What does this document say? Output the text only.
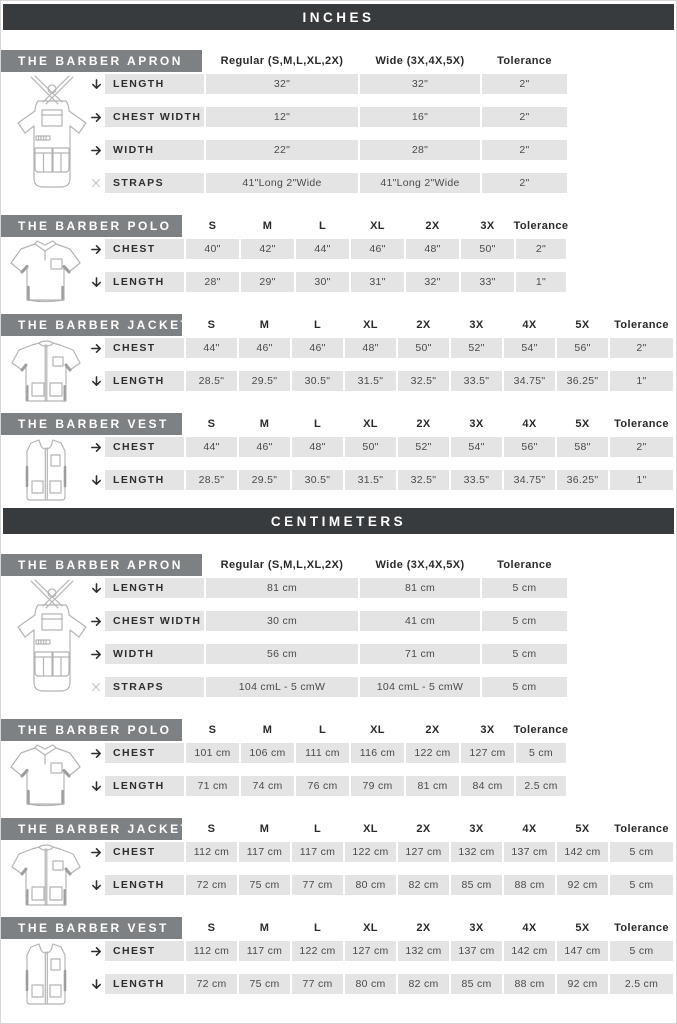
INCHES
THE BARBER APRON	Regular (S,M,L,XL,2X)	Wide (3X,4X,5X)	Tolerance
LENGTH	32"	32"	2"
CHEST WIDTH	12"	16"	2"
WIDTH	22"	28"	2"
STRAPS	41"Long 2"Wide	41"Long 2"Wide	2"
THE BARBER POLO	S	M	L	XL	2X	3X	Tolerance
CHEST	40"	42"	44"	46"	48"	50"	2"
LENGTH	28"	29"	30"	31"	32"	33"	1"
THE BARBER JACKET	S	M	L	XL	2X	3X	4X	5X	Tolerance
CHEST	44"	46"	46"	48"	50"	52"	54"	56"	2"
LENGTH	28.5"	29.5"	30.5"	31.5"	32.5"	33.5"	34.75"	36.25"	1"
THE BARBER VEST	S	M	L	XL	2X	3X	4X	5X	Tolerance
CHEST	44"	46"	48"	50"	52"	54"	56"	58"	2"
LENGTH	28.5"	29.5"	30.5"	31.5"	32.5"	33.5"	34.75"	36.25"	1"
CENTIMETERS
THE BARBER APRON	Regular (S,M,L,XL,2X)	Wide (3X,4X,5X)	Tolerance
LENGTH	81 cm	81 cm	5 cm
CHEST WIDTH	30 cm	41 cm	5 cm
WIDTH	56 cm	71 cm	5 cm
STRAPS	104 cmL - 5 cmW	104 cmL - 5 cmW	5 cm
THE BARBER POLO	S	M	L	XL	2X	3X	Tolerance
CHEST	101 cm	106 cm	111 cm	116 cm	122 cm	127 cm	5 cm
LENGTH	71 cm	74 cm	76 cm	79 cm	81 cm	84 cm	2.5 cm
THE BARBER JACKET	S	M	L	XL	2X	3X	4X	5X	Tolerance
CHEST	112 cm	117 cm	117 cm	122 cm	127 cm	132 cm	137 cm	142 cm	5 cm
LENGTH	72 cm	75 cm	77 cm	80 cm	82 cm	85 cm	88 cm	92 cm	5 cm
THE BARBER VEST	S	M	L	XL	2X	3X	4X	5X	Tolerance
CHEST	112 cm	117 cm	122 cm	127 cm	132 cm	137 cm	142 cm	147 cm	5 cm
LENGTH	72 cm	75 cm	77 cm	80 cm	82 cm	85 cm	88 cm	92 cm	2.5 cm
